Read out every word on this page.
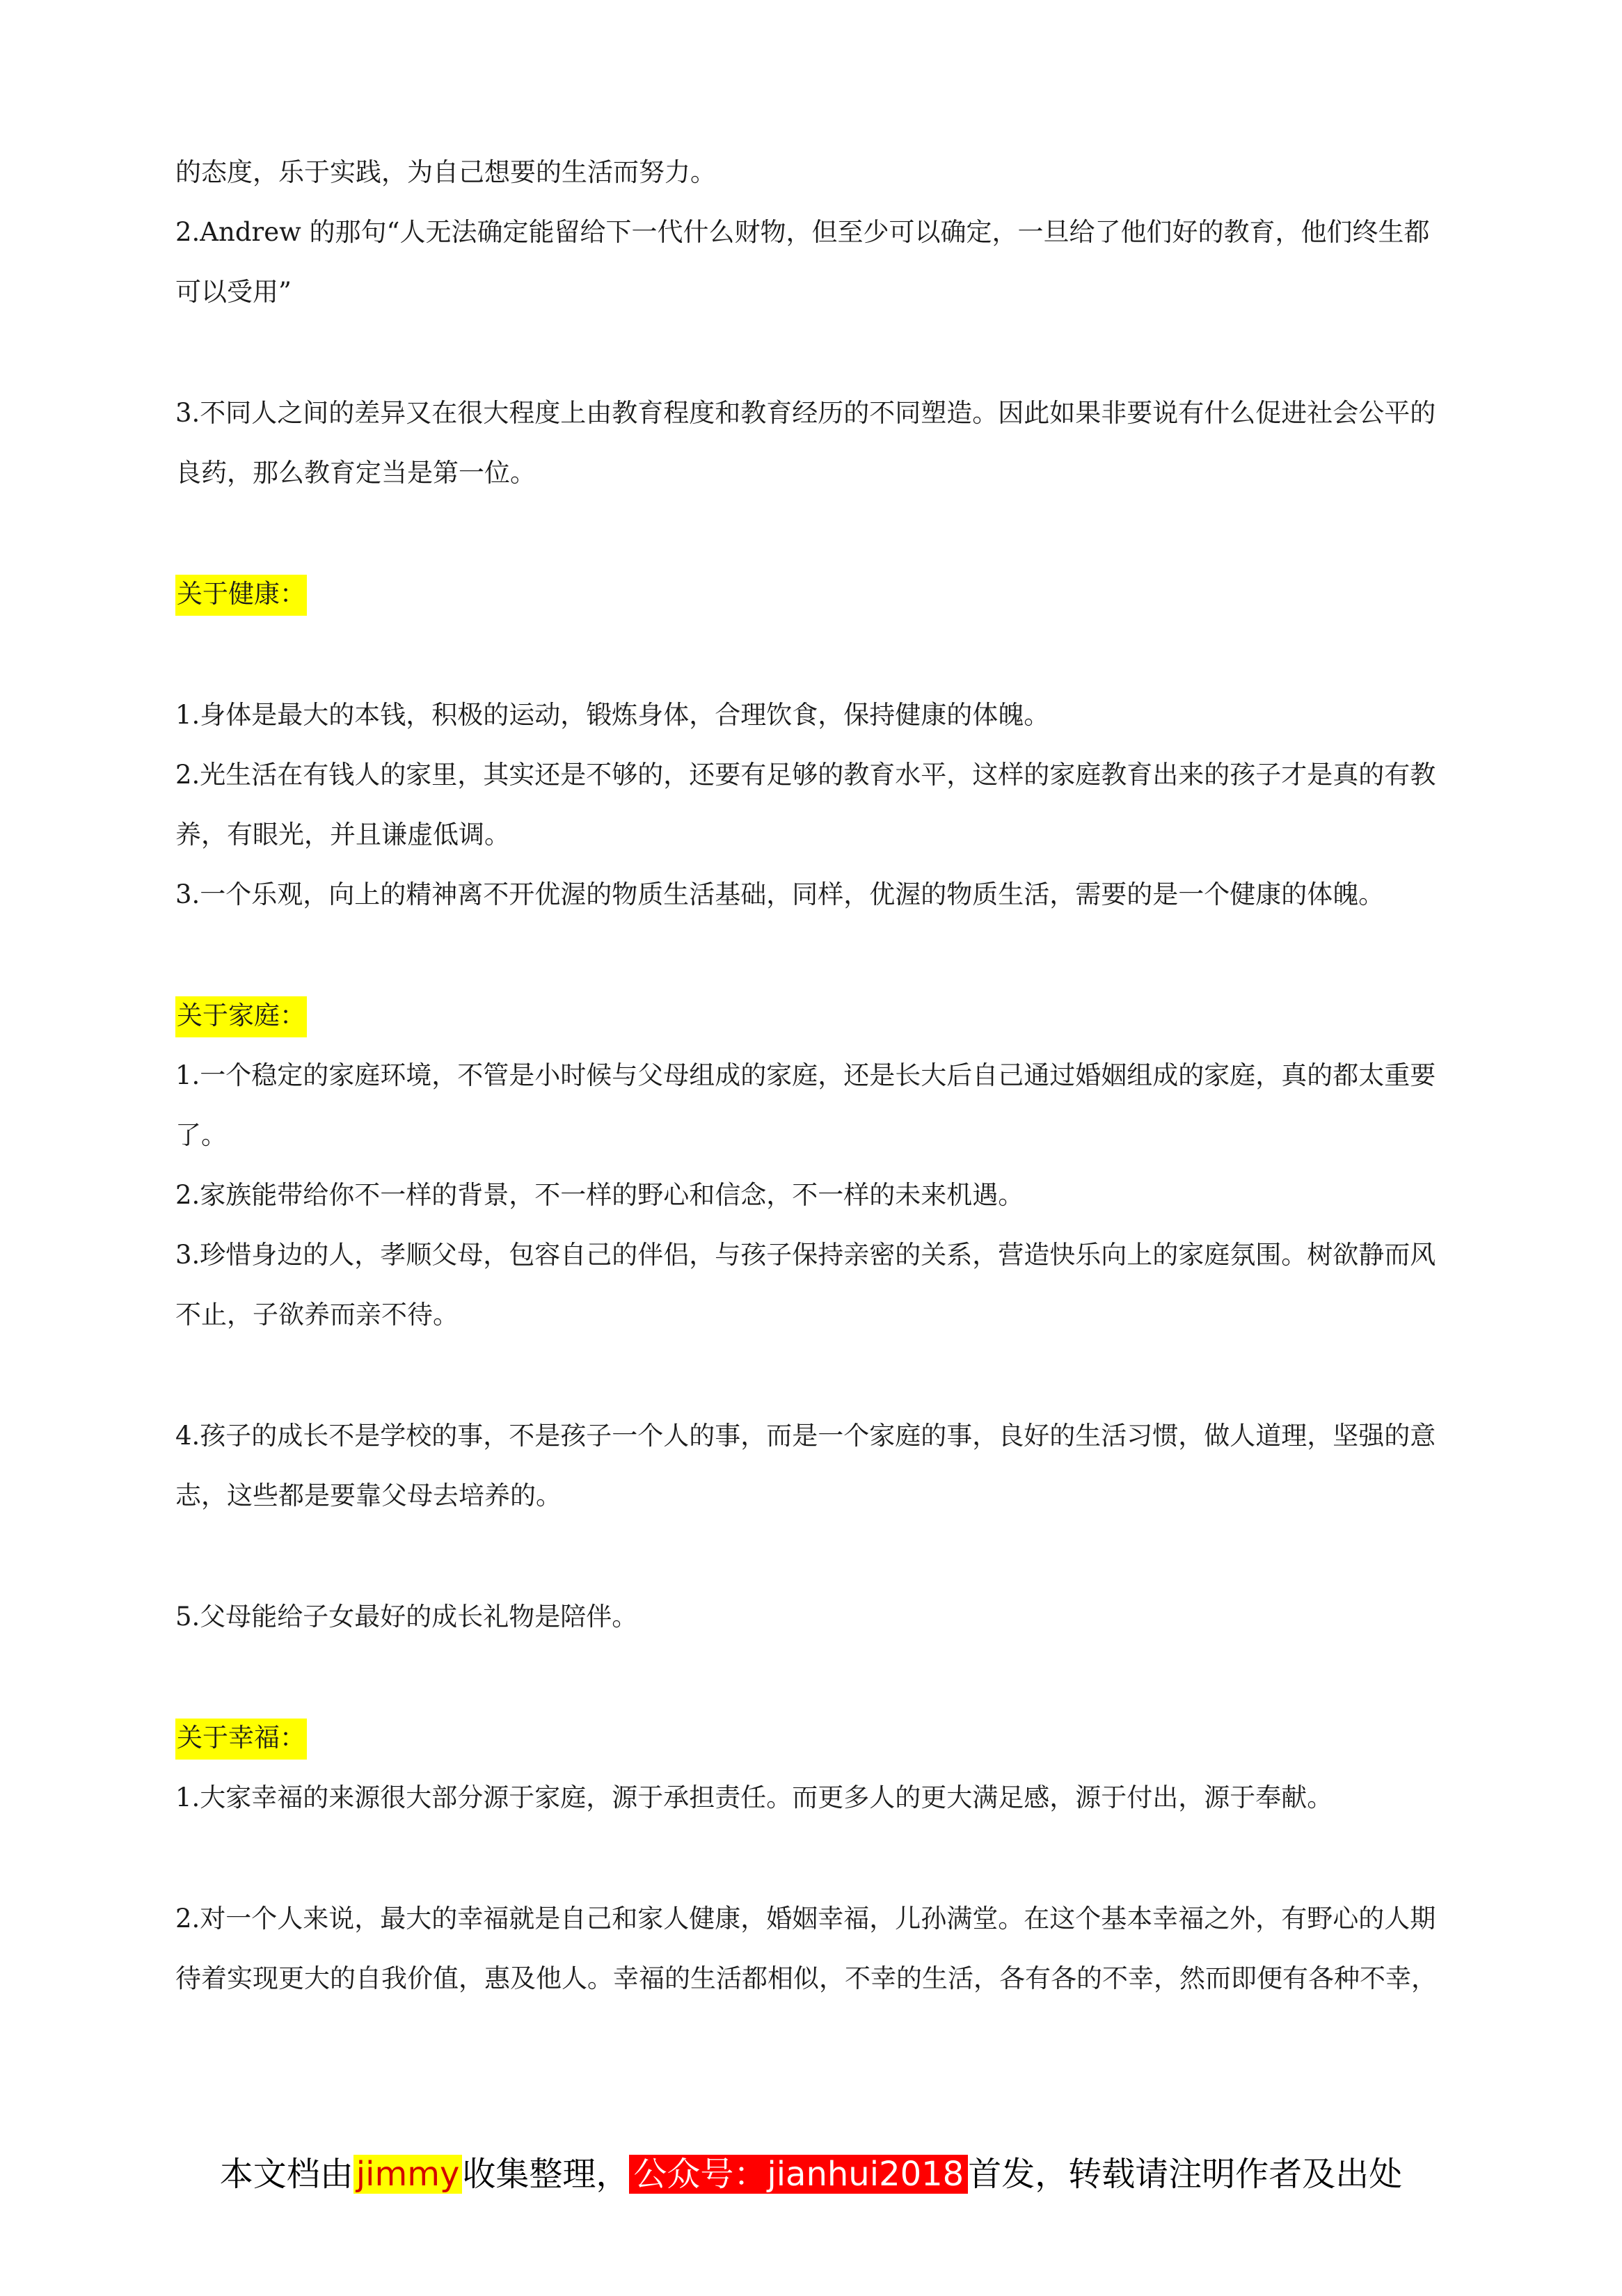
的态度，乐于实践，为自己想要的生活而努力。

2.Andrew 的那句“人无法确定能留给下一代什么财物，但至少可以确定，一旦给了他们好的教育，他们终生都可以受用”

3.不同人之间的差异又在很大程度上由教育程度和教育经历的不同塑造。因此如果非要说有什么促进社会公平的良药，那么教育定当是第一位。

关于健康：

1.身体是最大的本钱，积极的运动，锻炼身体，合理饮食，保持健康的体魄。

2.光生活在有钱人的家里，其实还是不够的，还要有足够的教育水平，这样的家庭教育出来的孩子才是真的有教养，有眼光，并且谦虚低调。

3.一个乐观，向上的精神离不开优渥的物质生活基础，同样，优渥的物质生活，需要的是一个健康的体魄。

关于家庭：

1.一个稳定的家庭环境，不管是小时候与父母组成的家庭，还是长大后自己通过婚姻组成的家庭，真的都太重要了。

2.家族能带给你不一样的背景，不一样的野心和信念，不一样的未来机遇。

3.珍惜身边的人，孝顺父母，包容自己的伴侣，与孩子保持亲密的关系，营造快乐向上的家庭氛围。树欲静而风不止，子欲养而亲不待。

4.孩子的成长不是学校的事，不是孩子一个人的事，而是一个家庭的事，良好的生活习惯，做人道理，坚强的意志，这些都是要靠父母去培养的。

5.父母能给子女最好的成长礼物是陪伴。

关于幸福：

1.大家幸福的来源很大部分源于家庭，源于承担责任。而更多人的更大满足感，源于付出，源于奉献。

2.对一个人来说，最大的幸福就是自己和家人健康，婚姻幸福，儿孙满堂。在这个基本幸福之外，有野心的人期待着实现更大的自我价值，惠及他人。幸福的生活都相似，不幸的生活，各有各的不幸，然而即便有各种不幸，

本文档由jimmy收集整理， 公众号：jianhui2018 首发，转载请注明作者及出处
